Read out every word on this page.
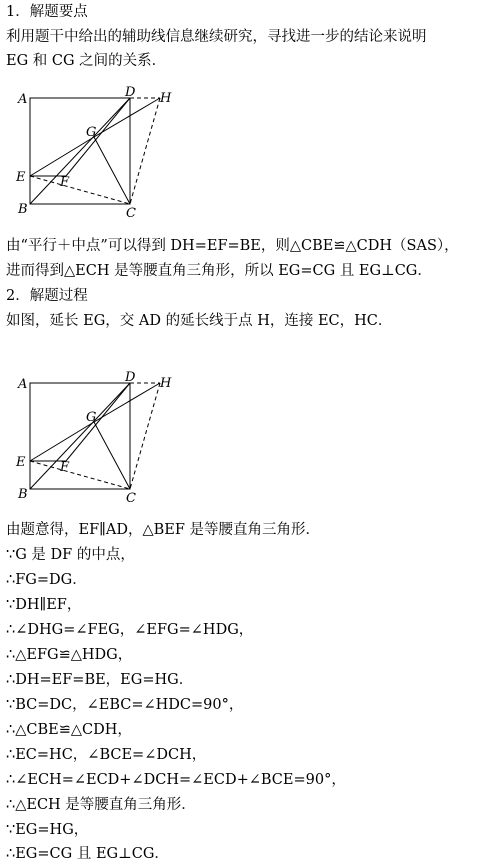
1．解题要点
利用题干中给出的辅助线信息继续研究，寻找进一步的结论来说明
EG 和 CG 之间的关系．
A
B	C
D
E	F
G
H
由“平行＋中点”可以得到 DH=EF=BE，则△CBE≌△CDH（SAS），
进而得到△ECH 是等腰直角三角形，所以 EG=CG 且 EG⊥CG．
2．解题过程
如图，延长 EG，交 AD 的延长线于点 H，连接 EC，HC．
A
B	C
D
E	F
G
H
由题意得，EF∥AD，△BEF 是等腰直角三角形．
∵G 是 DF 的中点，
∴FG=DG．
∵DH∥EF，
∴∠DHG=∠FEG，∠EFG=∠HDG，
∴△EFG≌△HDG，
∴DH=EF=BE，EG=HG．
∵BC=DC，∠EBC=∠HDC=90°，
∴△CBE≌△CDH，
∴EC=HC，∠BCE=∠DCH，
∴∠ECH=∠ECD+∠DCH=∠ECD+∠BCE=90°，
∴△ECH 是等腰直角三角形．
∵EG=HG，
∴EG=CG 且 EG⊥CG．
